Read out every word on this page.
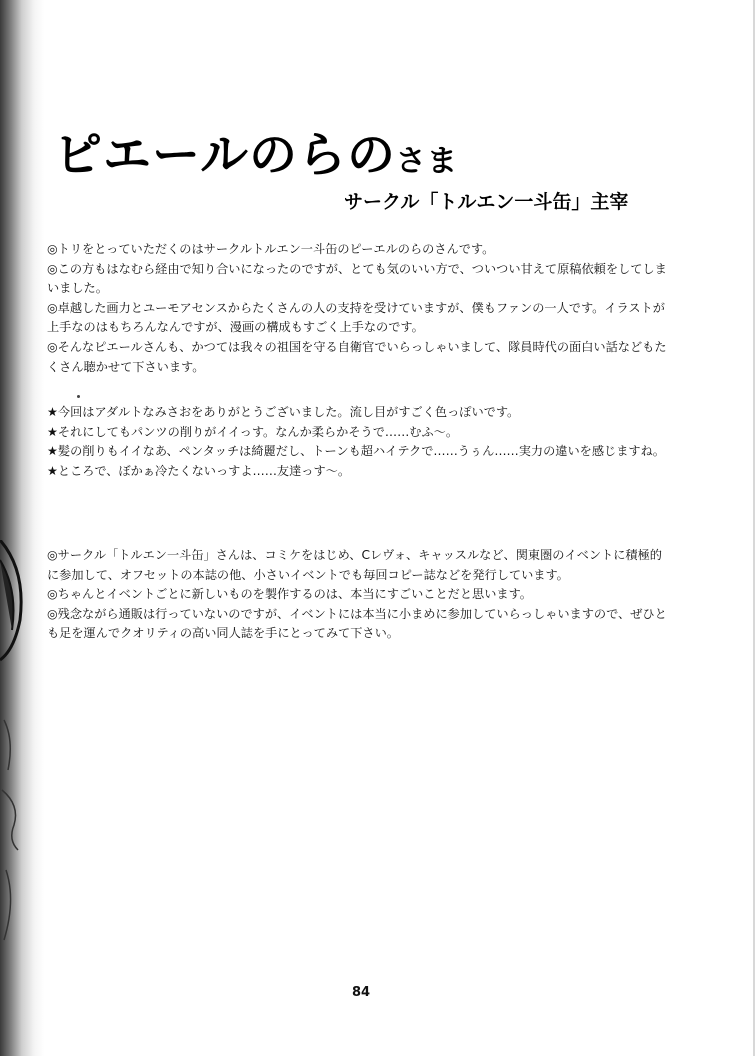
ピエールのらのさま
サークル「トルエン一斗缶」主宰

◎トリをとっていただくのはサークルトルエン一斗缶のピーエルのらのさんです。

◎この方もはなむら経由で知り合いになったのですが、とても気のいい方で、ついつい甘えて原稿依頼をしてしまいました。

◎卓越した画力とユーモアセンスからたくさんの人の支持を受けていますが、僕もファンの一人です。イラストが上手なのはもちろんなんですが、漫画の構成もすごく上手なのです。

◎そんなピエールさんも、かつては我々の祖国を守る自衛官でいらっしゃいまして、隊員時代の面白い話などもたくさん聴かせて下さいます。

★今回はアダルトなみさおをありがとうございました。流し目がすごく色っぽいです。

★それにしてもパンツの削りがイイっす。なんか柔らかそうで……むふ～。

★髪の削りもイイなあ、ペンタッチは綺麗だし、トーンも超ハイテクで……うぅん……実力の違いを感じますね。

★ところで、ぼかぁ冷たくないっすよ……友達っす～。

◎サークル「トルエン一斗缶」さんは、コミケをはじめ、Cレヴォ、キャッスルなど、関東圏のイベントに積極的に参加して、オフセットの本誌の他、小さいイベントでも毎回コピー誌などを発行しています。

◎ちゃんとイベントごとに新しいものを製作するのは、本当にすごいことだと思います。

◎残念ながら通販は行っていないのですが、イベントには本当に小まめに参加していらっしゃいますので、ぜひとも足を運んでクオリティの高い同人誌を手にとってみて下さい。

84
